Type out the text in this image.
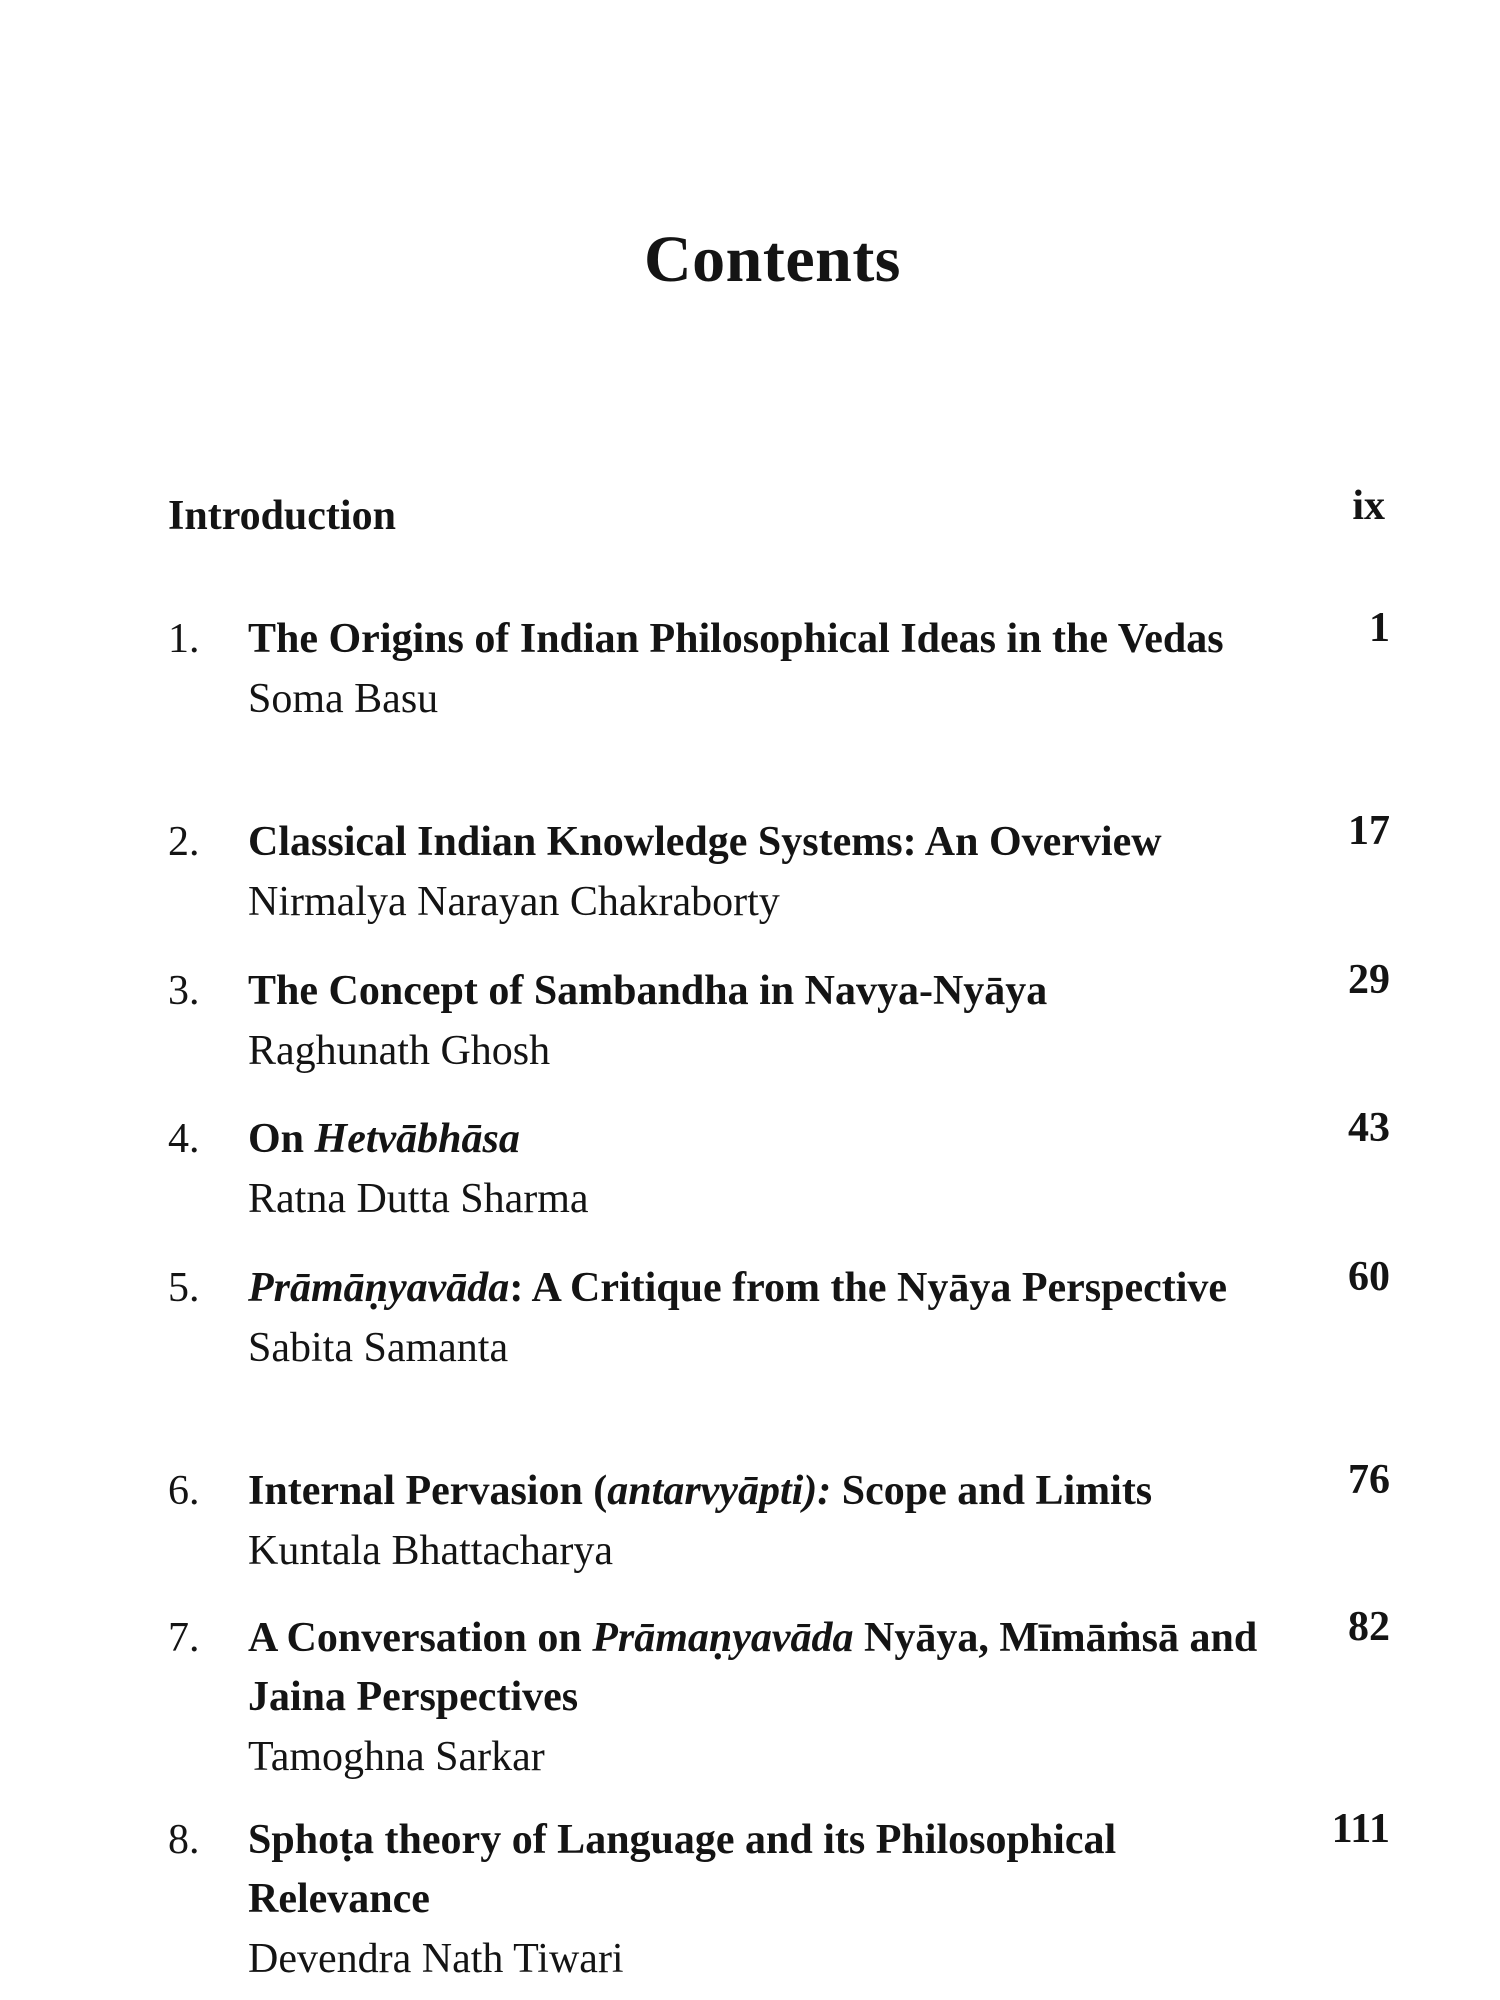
Contents
Introduction	ix
1. The Origins of Indian Philosophical Ideas in the Vedas
Soma Basu
1
2. Classical Indian Knowledge Systems: An Overview
Nirmalya Narayan Chakraborty
17
3. The Concept of Sambandha in Navya-Nyāya
Raghunath Ghosh
29
4. On Hetvābhāsa
Ratna Dutta Sharma
43
5. Prāmāṇyavāda: A Critique from the Nyāya Perspective
Sabita Samanta
60
6. Internal Pervasion (antarvyāpti): Scope and Limits
Kuntala Bhattacharya
76
7. A Conversation on Prāmaṇyavāda Nyāya, Mīmāṁsā and Jaina Perspectives
Tamoghna Sarkar
82
8. Sphoṭa theory of Language and its Philosophical Relevance
Devendra Nath Tiwari
111
